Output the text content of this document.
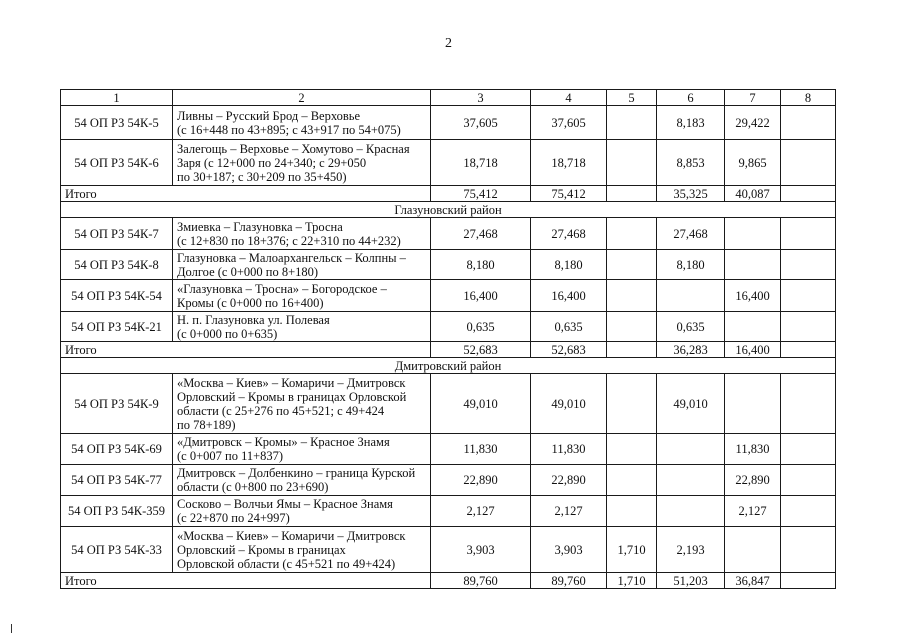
2
1	2	3	4	5	6	7	8
54 ОП РЗ 54К-5	Ливны – Русский Брод – Верховье
(с 16+448 по 43+895; с 43+917 по 54+075)	37,605	37,605		8,183	29,422	
54 ОП РЗ 54К-6	Залегощь – Верховье – Хомутово – Красная
Заря (с 12+000 по 24+340; с 29+050
по 30+187; с 30+209 по 35+450)	18,718	18,718		8,853	9,865	
Итого		75,412	75,412		35,325	40,087	
Глазуновский район							
54 ОП РЗ 54К-7	Змиевка – Глазуновка – Тросна
(с 12+830 по 18+376; с 22+310 по 44+232)	27,468	27,468		27,468		
54 ОП РЗ 54К-8	Глазуновка – Малоархангельск – Колпны –
Долгое (с 0+000 по 8+180)	8,180	8,180		8,180		
54 ОП РЗ 54К-54	«Глазуновка – Тросна» – Богородское –
Кромы (с 0+000 по 16+400)	16,400	16,400			16,400	
54 ОП РЗ 54К-21	Н. п. Глазуновка ул. Полевая
(с 0+000 по 0+635)	0,635	0,635		0,635		
Итого		52,683	52,683		36,283	16,400	
Дмитровский район							
54 ОП РЗ 54К-9	«Москва – Киев» – Комаричи – Дмитровск
Орловский – Кромы в границах Орловской
области (с 25+276 по 45+521; с 49+424
по 78+189)	49,010	49,010		49,010		
54 ОП РЗ 54К-69	«Дмитровск – Кромы» – Красное Знамя
(с 0+007 по 11+837)	11,830	11,830			11,830	
54 ОП РЗ 54К-77	Дмитровск – Долбенкино – граница Курской
области (с 0+800 по 23+690)	22,890	22,890			22,890	
54 ОП РЗ 54К-359	Сосково – Волчьи Ямы – Красное Знамя
(с 22+870 по 24+997)	2,127	2,127			2,127	
54 ОП РЗ 54К-33	«Москва – Киев» – Комаричи – Дмитровск
Орловский – Кромы в границах
Орловской области (с 45+521 по 49+424)	3,903	3,903	1,710	2,193		
Итого		89,760	89,760	1,710	51,203	36,847	
